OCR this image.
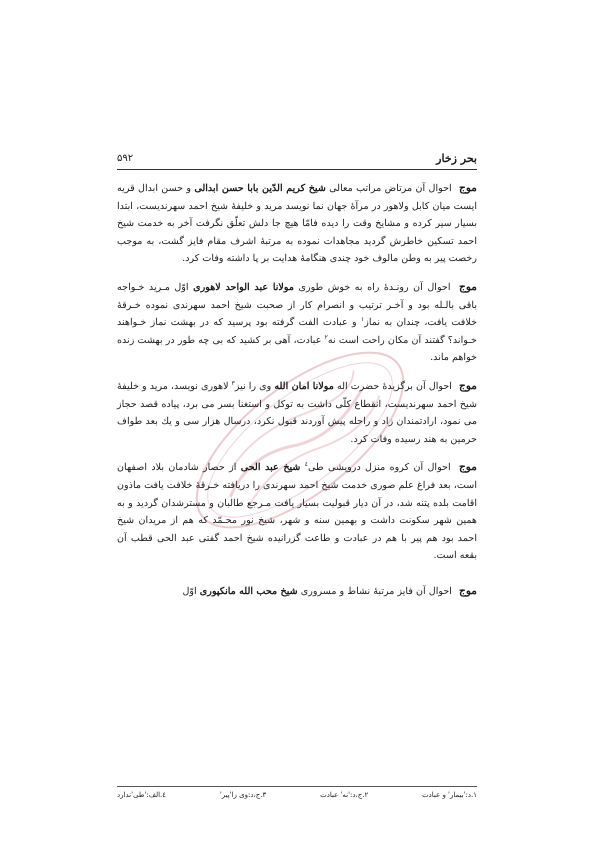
بحر زخار
۵۹۲

موج احوال آن مرتاض مراتب معالی شیخ کریم الدّین بابا حسن ابدالی و حسن ابدال قریه ایست میان کابل ولاهور در مرآۀ جهان نما نویسد مرید و خلیفۀ شیخ احمد سهرندیست، ابتدا بسیار سیر کرده و مشایخ وقت را دیده فامّا هیچ جا دلش تعلّق نگرفت آخر به خدمت شیخ احمد تسکین خاطرش گردید مجاهدات نموده به مرتبۀ اشرف مقام فایز گشت، به موجب رخصت پیر به وطن مالوف خود چندی هنگامۀ هدایت بر پا داشته وفات کرد.

موج احوال آن رونـدۀ راه به خوش طوری مولانا عبد الواحد لاهوری اوّل مـرید خـواجه باقی بالـله بود و آخـر ترتیب و انصرام کار از صحبت شیخ احمد سهرندی نموده خـرقۀ خلافت یافت، چندان به نماز$^۱$ و عبادت الفت گرفته بود پرسید که در بهشت نماز خـواهند خـواند؟ گفتند آن مکان راحت است نه$^۲$ عبادت، آهی بر کشید که بی چه طور در بهشت زنده خواهم ماند.

موج احوال آن برگزیدۀ حضرت اله مولانا امان الله وی را نیز$^۳$ لاهوری نویسد، مرید و خلیفۀ شیخ احمد سهرندیست، انقطاع کلّی داشت به توکل و استغنا بسر می برد، پیاده قصد حجاز می نمود، ارادتمندان زاد و راحله پیش آوردند قبول نکرد، درسال هزار سی و یك بعد طواف حرمین به هند رسیده وفات کرد.

موج احوال آن کروه منزل درویشی طی$^٤$ شیخ عبد الحی از حصار شادمان بلاد اصفهان است، بعد فراغ علم صوری خدمت شیخ احمد سهرندی را دریافته خـرقۀ خلافت یافت ماذون اقامت بلده پتنه شد، در آن دیار قبولیت بسیار یافت مـرجع طالبان و مسترشدان گردید و به همین شهر سکونت داشت و بهمین سنه و شهر، شیخ نور محـمّد که هم از مریدان شیخ احمد بود هم پیر با هم در عبادت و طاعت گزرانیده شیخ احمد گفتی عبد الحی قطب آن بقعه است.

موج احوال آن فایز مرتبۀ نشاط و مسروری شیخ محب الله مانکپوری اوّل

۱.د:'بیمار' و عبادت
۲.ج،د:'نه' عبادت
۳.ج،د:وی را'پیر'
٤.الف:'طی'ندارد
